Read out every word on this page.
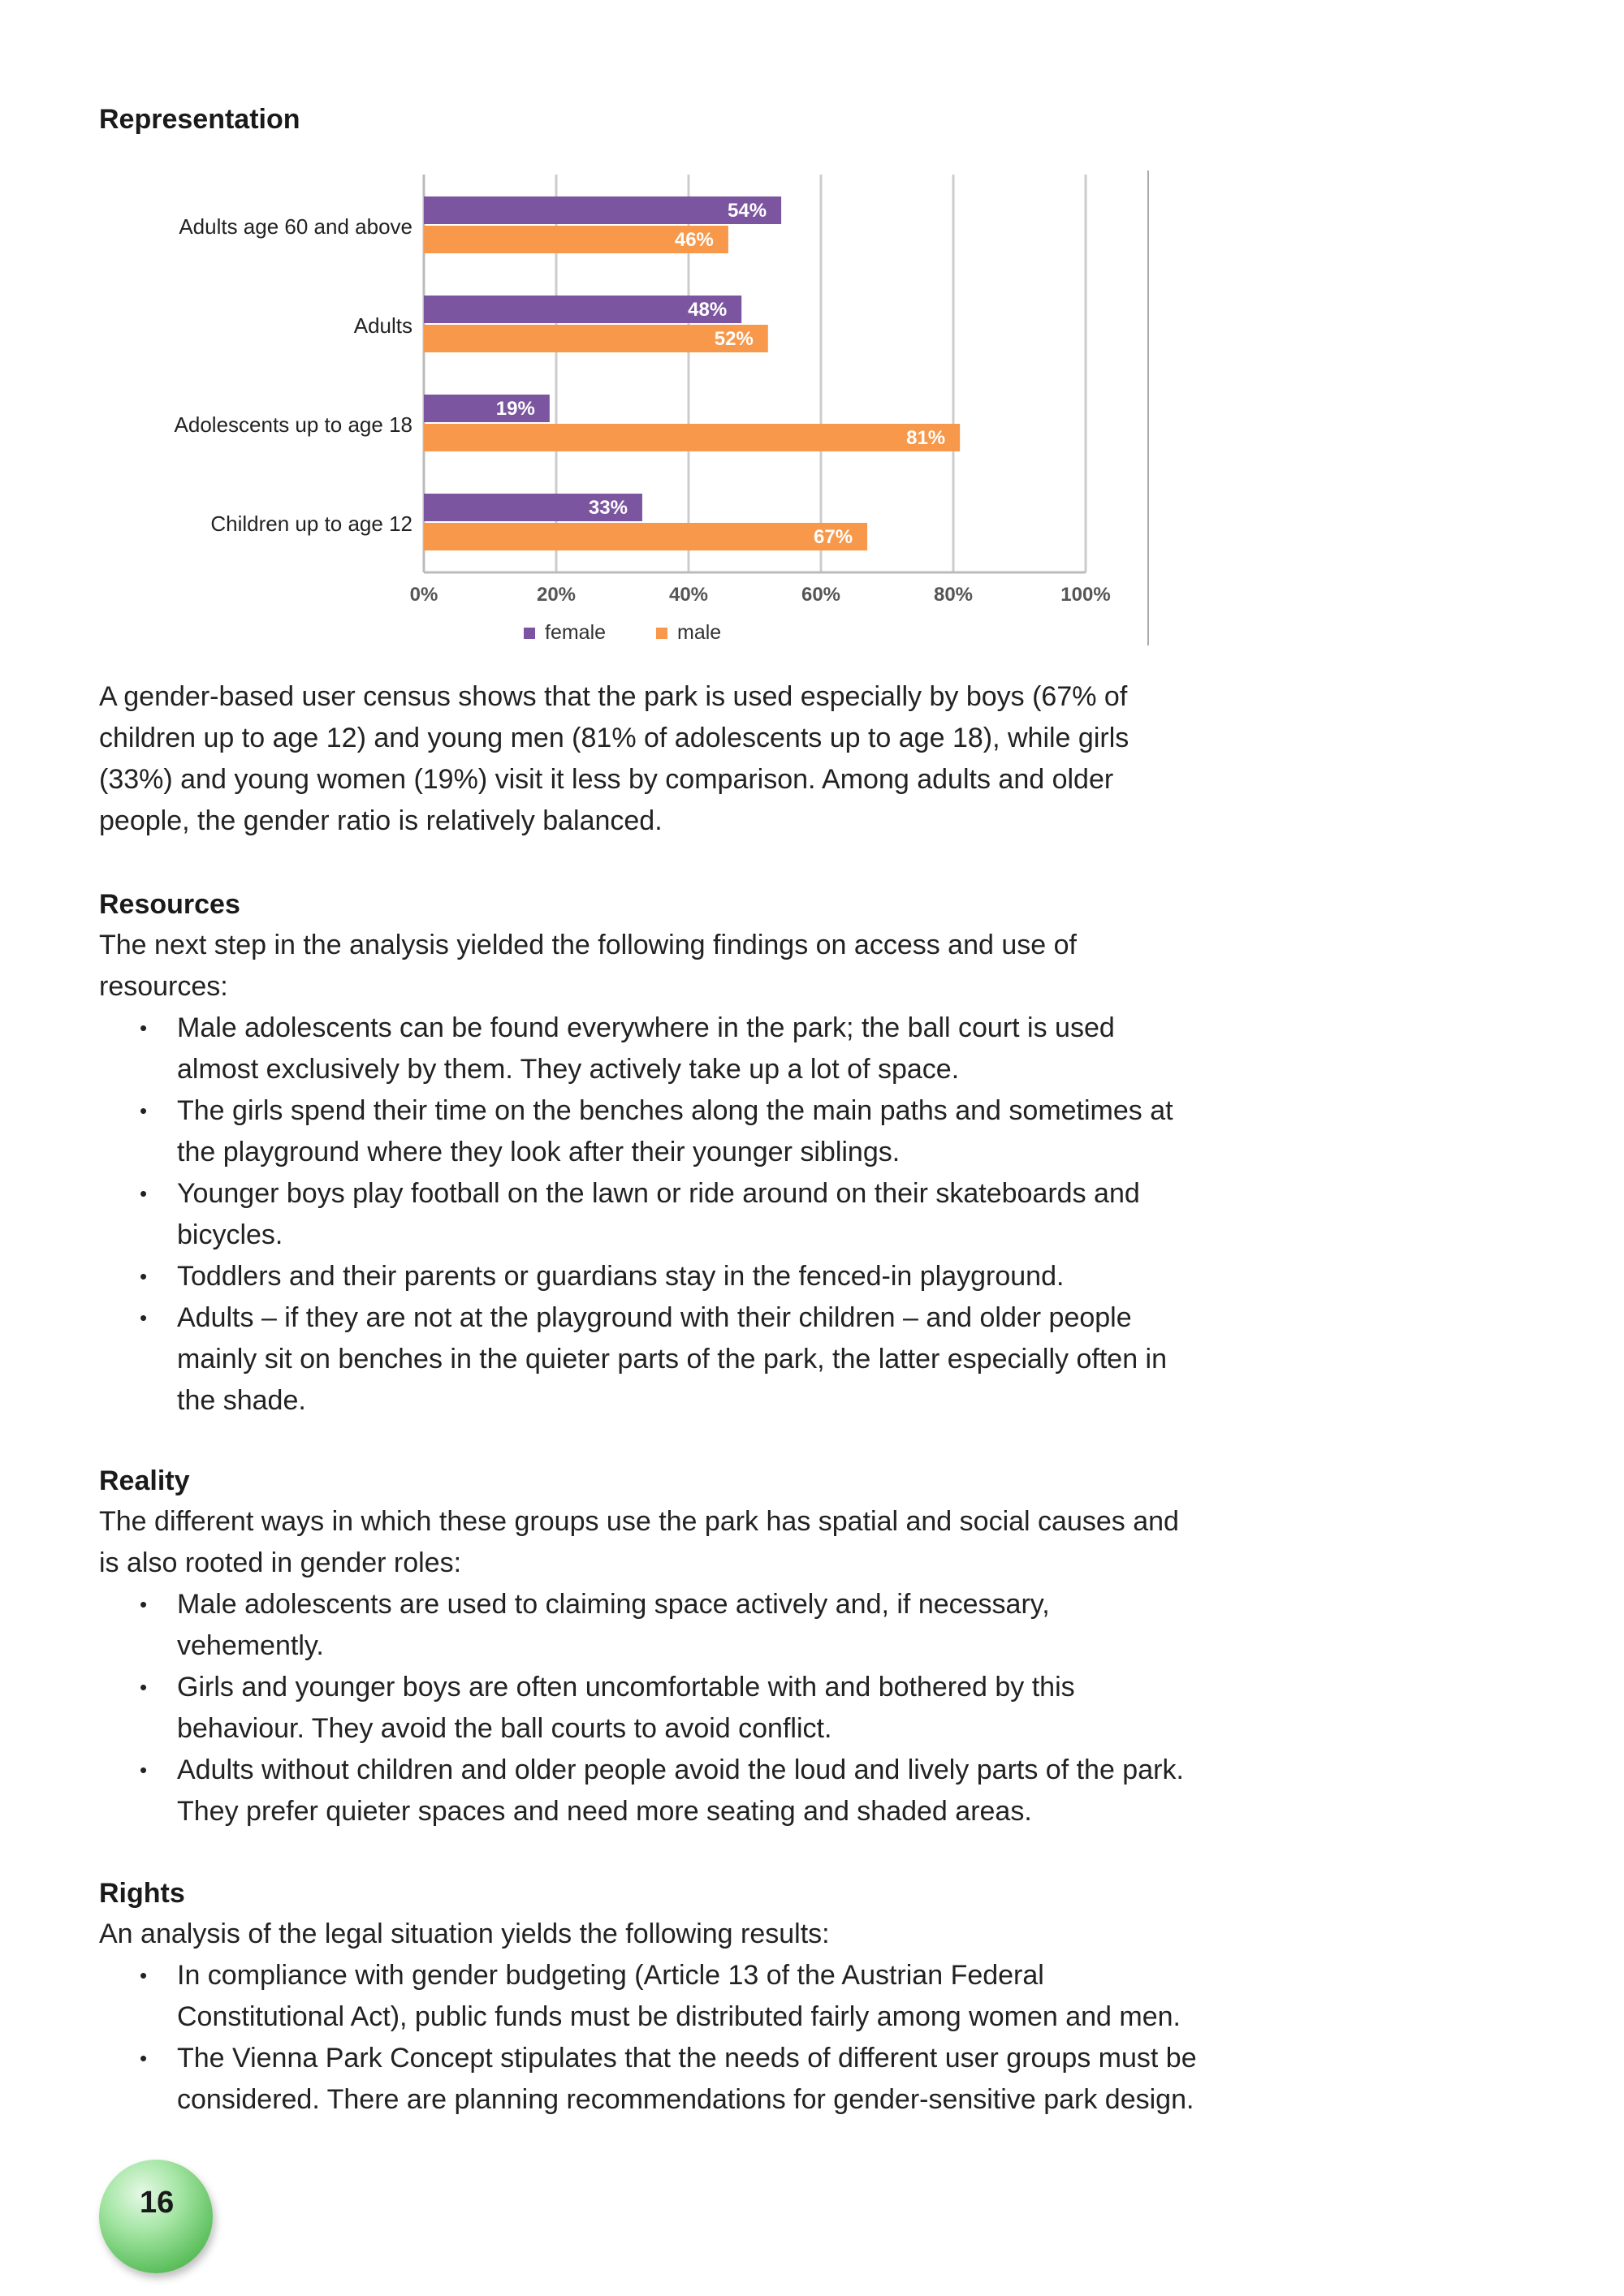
Representation
0%	20%	40%	60%	80%	100%
Adults age 60 and above
54%
46%
Adults
48%
52%
Adolescents up to age 18
19%
81%
Children up to age 12
33%
67%
female	male

A gender-based user census shows that the park is used especially by boys (67% of children up to age 12) and young men (81% of adolescents up to age 18), while girls (33%) and young women (19%) visit it less by comparison. Among adults and older people, the gender ratio is relatively balanced.

Resources

The next step in the analysis yielded the following findings on access and use of resources:

• Male adolescents can be found everywhere in the park; the ball court is used almost exclusively by them. They actively take up a lot of space.
• The girls spend their time on the benches along the main paths and sometimes at the playground where they look after their younger siblings.
• Younger boys play football on the lawn or ride around on their skateboards and bicycles.
• Toddlers and their parents or guardians stay in the fenced-in playground.
• Adults – if they are not at the playground with their children – and older people mainly sit on benches in the quieter parts of the park, the latter especially often in the shade.
Reality

The different ways in which these groups use the park has spatial and social causes and is also rooted in gender roles:

• Male adolescents are used to claiming space actively and, if necessary, vehemently.
• Girls and younger boys are often uncomfortable with and bothered by this behaviour. They avoid the ball courts to avoid conflict.
• Adults without children and older people avoid the loud and lively parts of the park. They prefer quieter spaces and need more seating and shaded areas.
Rights

An analysis of the legal situation yields the following results:

• In compliance with gender budgeting (Article 13 of the Austrian Federal Constitutional Act), public funds must be distributed fairly among women and men.
• The Vienna Park Concept stipulates that the needs of different user groups must be considered. There are planning recommendations for gender-sensitive park design.
16
